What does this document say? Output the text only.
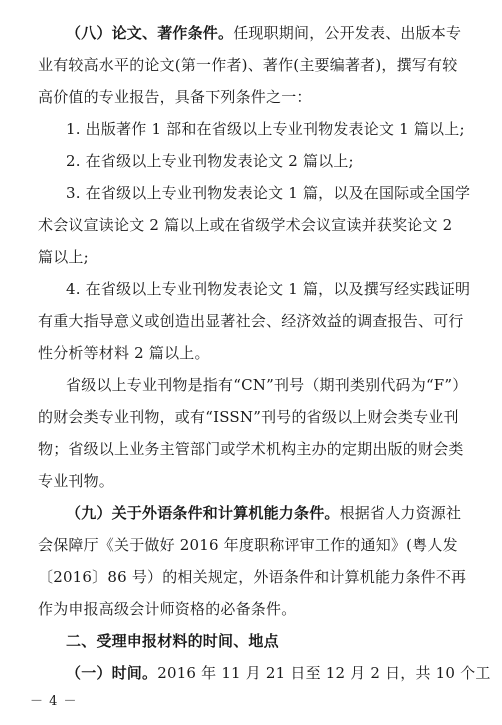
（八）论文、著作条件。任现职期间，公开发表、出版本专
业有较高水平的论文(第一作者)、著作(主要编著者)，撰写有较
高价值的专业报告，具备下列条件之一：
1. 出版著作 1 部和在省级以上专业刊物发表论文 1 篇以上;
2. 在省级以上专业刊物发表论文 2 篇以上;
3. 在省级以上专业刊物发表论文 1 篇，以及在国际或全国学
术会议宣读论文 2 篇以上或在省级学术会议宣读并获奖论文 2
篇以上;
4. 在省级以上专业刊物发表论文 1 篇，以及撰写经实践证明
有重大指导意义或创造出显著社会、经济效益的调查报告、可行
性分析等材料 2 篇以上。
省级以上专业刊物是指有“CN”刊号（期刊类别代码为“F”）
的财会类专业刊物，或有“ISSN”刊号的省级以上财会类专业刊
物；省级以上业务主管部门或学术机构主办的定期出版的财会类
专业刊物。
（九）关于外语条件和计算机能力条件。根据省人力资源社
会保障厅《关于做好 2016 年度职称评审工作的通知》(粤人发
〔2016〕86 号）的相关规定，外语条件和计算机能力条件不再
作为申报高级会计师资格的必备条件。
二、受理申报材料的时间、地点
（一）时间。2016 年 11 月 21 日至 12 月 2 日，共 10 个工
－ 4 －
